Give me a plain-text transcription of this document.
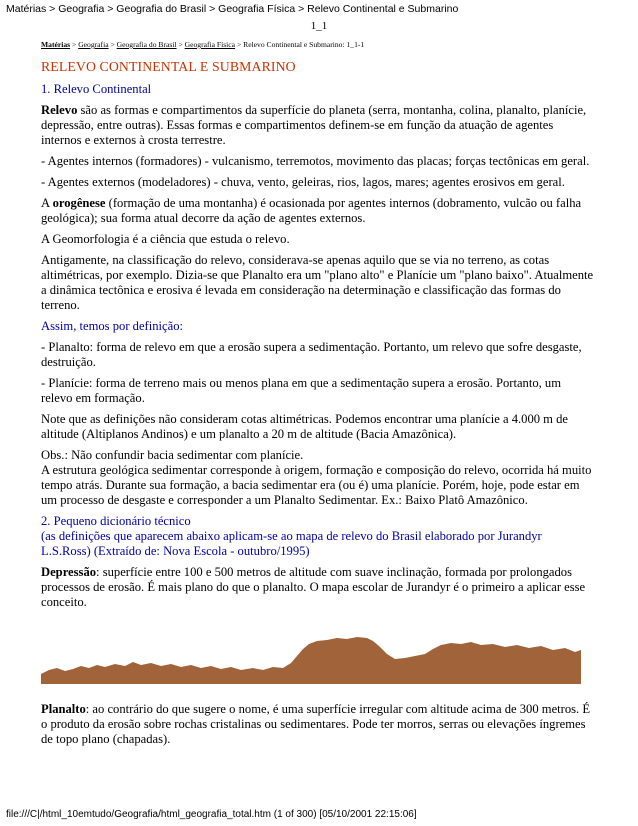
Matérias > Geografia > Geografia do Brasil > Geografia Física > Relevo Continental e Submarino
1_1
Matérias > Geografia > Geografia do Brasil > Geografia Física > Relevo Continental e Submarino: 1_1-1
RELEVO CONTINENTAL E SUBMARINO
1. Relevo Continental

Relevo são as formas e compartimentos da superfície do planeta (serra, montanha, colina, planalto, planície, depressão, entre outras). Essas formas e compartimentos definem-se em função da atuação de agentes internos e externos à crosta terrestre.

- Agentes internos (formadores) - vulcanismo, terremotos, movimento das placas; forças tectônicas em geral.

- Agentes externos (modeladores) - chuva, vento, geleiras, rios, lagos, mares; agentes erosivos em geral.

A orogênese (formação de uma montanha) é ocasionada por agentes internos (dobramento, vulcão ou falha geológica); sua forma atual decorre da ação de agentes externos.

A Geomorfologia é a ciência que estuda o relevo.

Antigamente, na classificação do relevo, considerava-se apenas aquilo que se via no terreno, as cotas altimétricas, por exemplo. Dizia-se que Planalto era um "plano alto" e Planície um "plano baixo". Atualmente a dinâmica tectônica e erosiva é levada em consideração na determinação e classificação das formas do terreno.

Assim, temos por definição:

- Planalto: forma de relevo em que a erosão supera a sedimentação. Portanto, um relevo que sofre desgaste, destruição.

- Planície: forma de terreno mais ou menos plana em que a sedimentação supera a erosão. Portanto, um relevo em formação.

Note que as definições não consideram cotas altimétricas. Podemos encontrar uma planície a 4.000 m de altitude (Altiplanos Andinos) e um planalto a 20 m de altitude (Bacia Amazônica).

Obs.: Não confundir bacia sedimentar com planície.
A estrutura geológica sedimentar corresponde à origem, formação e composição do relevo, ocorrida há muito tempo atrás. Durante sua formação, a bacia sedimentar era (ou é) uma planície. Porém, hoje, pode estar em um processo de desgaste e corresponder a um Planalto Sedimentar. Ex.: Baixo Platô Amazônico.

2. Pequeno dicionário técnico
(as definições que aparecem abaixo aplicam-se ao mapa de relevo do Brasil elaborado por Jurandyr L.S.Ross) (Extraído de: Nova Escola - outubro/1995)

Depressão: superfície entre 100 e 500 metros de altitude com suave inclinação, formada por prolongados processos de erosão. É mais plano do que o planalto. O mapa escolar de Jurandyr é o primeiro a aplicar esse conceito.

Planalto: ao contrário do que sugere o nome, é uma superfície irregular com altitude acima de 300 metros. É o produto da erosão sobre rochas cristalinas ou sedimentares. Pode ter morros, serras ou elevações íngremes de topo plano (chapadas).

file:///C|/html_10emtudo/Geografia/html_geografia_total.htm (1 of 300) [05/10/2001 22:15:06]
